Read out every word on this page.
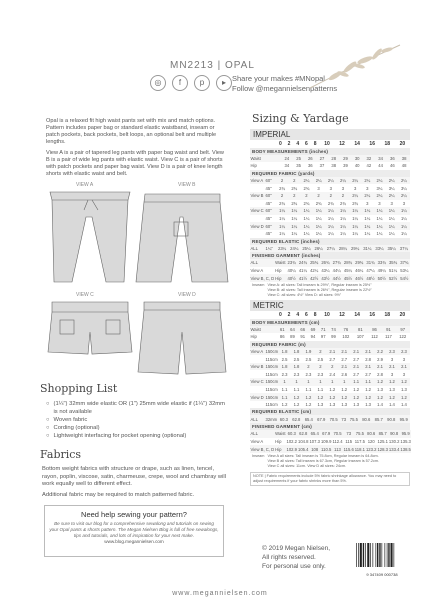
MN2213 | OPAL
◎	f	p	▸ Share your makes #MNopal
Follow @megannielsenpatterns

Opal is a relaxed fit high waist pants set with mix and match options. Pattern includes paper bag or standard elastic waistband, inseam or patch pockets, back pockets, belt loops, an optional belt and multiple lengths.

View A is a pair of tapered leg pants with paper bag waist and belt. View B is a pair of wide leg pants with elastic waist. View C is a pair of shorts with patch pockets and paper bag waist. View D is a pair of knee length shorts with elastic waist and belt.

VIEW A	VIEW B
VIEW C	VIEW D
Shopping List
○ (1¼") 32mm wide elastic OR (1") 25mm wide elastic if (1¼") 32mm is not available
○ Woven fabric
○ Cording (optional)
○ Lightweight interfacing for pocket opening (optional)
Fabrics

Bottom weight fabrics with structure or drape, such as linen, tencel, rayon, poplin, viscose, satin, charmeuse, crepe, wool and chambray will work equally well to different effect.

Additional fabric may be required to match patterned fabric.

Need help sewing your pattern?
Be sure to visit our blog for a comprehensive sewalong and tutorials on sewing your Opal pants & shorts pattern. The Megan Nielsen Blog is full of free sewalongs, tips and tutorials, and lots of inspiration for your next make.
www.blog.megannielsen.com
Sizing & Yardage
IMPERIAL
		0	2	4	6	8	10	12	14	16	18	20
BODY MEASUREMENTS (inches)
Waist	24	25	26	27	28	29	30	32	34	36	38
Hip	34	35	36	37	38	39	40	42	44	46	48
REQUIRED FABRIC (yards)
View A	60"	2	2	2¼	2¼	2¼	2¼	2¼	2¼	2¼	2¼	2¼
	45"	2¾	2¾	2¾	3	3	3	3	3	3¼	3¼	3¼
View B	60"	2	2	2	2	2	2	2¼	2¼	2¼	2¼	2¼
	45"	2¾	2¾	2¾	2¾	2¾	2¾	2¾	3	3	3	3
View C	60"	1¼	1¼	1¼	1¼	1¼	1¼	1¼	1¼	1¼	1¼	1¼
	45"	1¼	1¼	1¼	1¼	1¼	1¼	1¼	1¼	1¼	1¼	1¼
View D	60"	1¼	1¼	1¼	1¼	1¼	1¼	1¼	1¼	1¼	1¼	1¼
	45"	1¼	1¼	1¼	1¼	1¼	1¼	1¼	1¼	1¼	1¼	1¼
REQUIRED ELASTIC (inches)
ALL	1¼"	23¼	24¼	25¼	26¼	27¼	28¼	29¼	31¼	33¼	35¼	37¼
FINISHED GARMENT (inches)
ALL	Waist	23¾	24¾	25¾	26¾	27¾	28¾	29¾	31¾	33¾	35¾	37¾
View A	Hip	40¼	41¼	42¼	43¼	44¼	45¼	46¼	47¼	49¼	51¼	53¼
View B, C, D	Hip	40½	41½	42½	43½	44½	45½	46½	48½	50½	52½	54½
Inseam View A: all sizes: Tall inseam is 29½", Regular inseam is 25½"
View B: all sizes: Tall inseam is 26½", Regular inseam is 22½"
View C: all sizes: 4½" View D: all sizes: 9½"
METRIC
		0	2	4	6	8	10	12	14	16	18	20
BODY MEASUREMENTS (cm)
Waist	61	64	66	69	71	74	76	81	86	91	97
Hip	86	89	91	94	97	99	102	107	112	117	122
REQUIRED FABRIC (m)
View A	150cm	1.8	1.8	1.9	2	2.1	2.1	2.1	2.1	2.2	2.3	2.3
	115cm	2.5	2.5	2.5	2.5	2.7	2.7	2.7	2.8	2.9	3	3
View B	150cm	1.8	1.8	2	2	2	2.1	2.1	2.1	2.1	2.1	2.1
	115cm	2.3	2.3	2.3	2.3	2.4	2.6	2.7	2.7	2.8	3	3
View C	150cm	1	1	1	1	1	1	1.1	1.1	1.2	1.2	1.2
	115cm	1.1	1.1	1.1	1.1	1.2	1.2	1.2	1.2	1.3	1.3	1.3
View D	150cm	1.1	1.2	1.2	1.2	1.2	1.2	1.2	1.2	1.2	1.2	1.2
	115cm	1.2	1.2	1.2	1.3	1.3	1.3	1.3	1.3	1.4	1.4	1.4
REQUIRED ELASTIC (cm)
ALL	32mm	60.3	62.8	65.4	67.9	70.5	73	75.5	80.6	85.7	90.8	95.9
FINISHED GARMENT (cm)
ALL	Waist	60.3	62.8	65.4	67.9	70.5	73	75.5	80.6	85.7	90.8	95.9
View A	Hip	102.2	104.8	107.3	109.9	112.4	115	117.5	120	125.1	130.2	135.3
View B, C, D	Hip	102.9	105.4	108	110.5	113	115.6	118.1	123.2	128.3	133.4	138.5
Inseam View A all sizes: Tall inseam is 75.8cm, Regular inseam is 64.8cm.
View B all sizes: Tall inseam is 67.3cm, Regular inseam is 57.2cm.
View C all sizes: 11cm. View D all sizes: 24cm.
NOTE | Fabric requirements include 5% fabric shrinkage allowance. You may need to adjust requirements if your fabric shrinks more than 5%.
© 2019 Megan Nielsen,
All rights reserved.
For personal use only.
9 347409 000738
www.megannielsen.com
